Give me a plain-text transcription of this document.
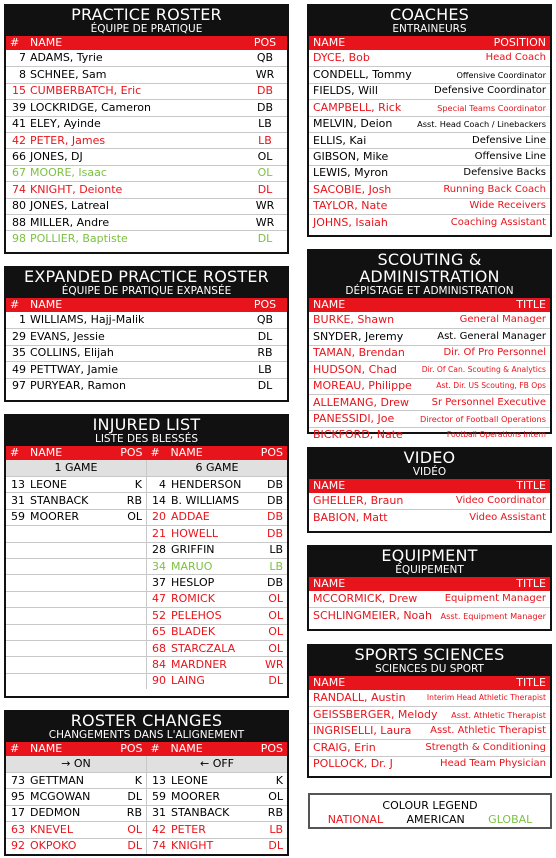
PRACTICE ROSTER
ÉQUIPE DE PRATIQUE
# NAME	POS
7 ADAMS, Tyrie	QB
8 SCHNEE, Sam	WR
15 CUMBERBATCH, Eric	DB
39 LOCKRIDGE, Cameron	DB
41 ELEY, Ayinde	LB
42 PETER, James	LB
66 JONES, DJ	OL
67 MOORE, Isaac	OL
74 KNIGHT, Deionte	DL
80 JONES, Latreal	WR
88 MILLER, Andre	WR
98 POLLIER, Baptiste	DL
EXPANDED PRACTICE ROSTER
ÉQUIPE DE PRATIQUE EXPANSÉE
# NAME	POS
1 WILLIAMS, Hajj-Malik	QB
29 EVANS, Jessie	DL
35 COLLINS, Elijah	RB
49 PETTWAY, Jamie	LB
97 PURYEAR, Ramon	DL
INJURED LIST
LISTE DES BLESSÉS
# NAME	POS # NAME	POS
1 GAME
13 LEONE	K
31 STANBACK	RB
59 MOORER	OL

6 GAME
4 HENDERSON	DB
14 B. WILLIAMS	DB
20 ADDAE	DB
21 HOWELL	DB
28 GRIFFIN	LB
34 MARUO	LB
37 HESLOP	DB
47 ROMICK	OL
52 PELEHOS	OL
65 BLADEK	OL
68 STARCZALA	OL
84 MARDNER	WR
90 LAING	DL
ROSTER CHANGES
CHANGEMENTS DANS L'ALIGNEMENT
# NAME	POS # NAME	POS
→ ON
73 GETTMAN	K
95 MCGOWAN	DL
17 DEDMON	RB
63 KNEVEL	OL
92 OKPOKO	DL
← OFF
13 LEONE	K
59 MOORER	OL
31 STANBACK	RB
42 PETER	LB
74 KNIGHT	DL
COACHES
ENTRAINEURS
NAME	POSITION
DYCE, Bob	Head Coach
CONDELL, Tommy	Offensive Coordinator
FIELDS, Will	Defensive Coordinator
CAMPBELL, Rick	Special Teams Coordinator
MELVIN, Deion	Asst. Head Coach / Linebackers
ELLIS, Kai	Defensive Line
GIBSON, Mike	Offensive Line
LEWIS, Myron	Defensive Backs
SACOBIE, Josh	Running Back Coach
TAYLOR, Nate	Wide Receivers
JOHNS, Isaiah	Coaching Assistant
SCOUTING & ADMINISTRATION
DÉPISTAGE ET ADMINISTRATION
NAME	TITLE
BURKE, Shawn	General Manager
SNYDER, Jeremy	Ast. General Manager
TAMAN, Brendan	Dir. Of Pro Personnel
HUDSON, Chad	Dir. Of Can. Scouting & Analytics
MOREAU, Philippe	Ast. Dir. US Scouting, FB Ops
ALLEMANG, Drew	Sr Personnel Executive
PANESSIDI, Joe	Director of Football Operations
BICKFORD, Nate	Football Operations Intern
VIDEO
VIDÉO
NAME	TITLE
GHELLER, Braun	Video Coordinator
BABION, Matt	Video Assistant
EQUIPMENT
ÉQUIPEMENT
NAME	TITLE
MCCORMICK, Drew	Equipment Manager
SCHLINGMEIER, Noah	Asst. Equipment Manager
SPORTS SCIENCES
SCIENCES DU SPORT
NAME	TITLE
RANDALL, Austin	Interim Head Athletic Therapist
GEISSBERGER, Melody	Asst. Athletic Therapist
INGRISELLI, Laura	Asst. Athletic Therapist
CRAIG, Erin	Strength & Conditioning
POLLOCK, Dr. J	Head Team Physician
COLOUR LEGEND
NATIONAL AMERICAN GLOBAL
